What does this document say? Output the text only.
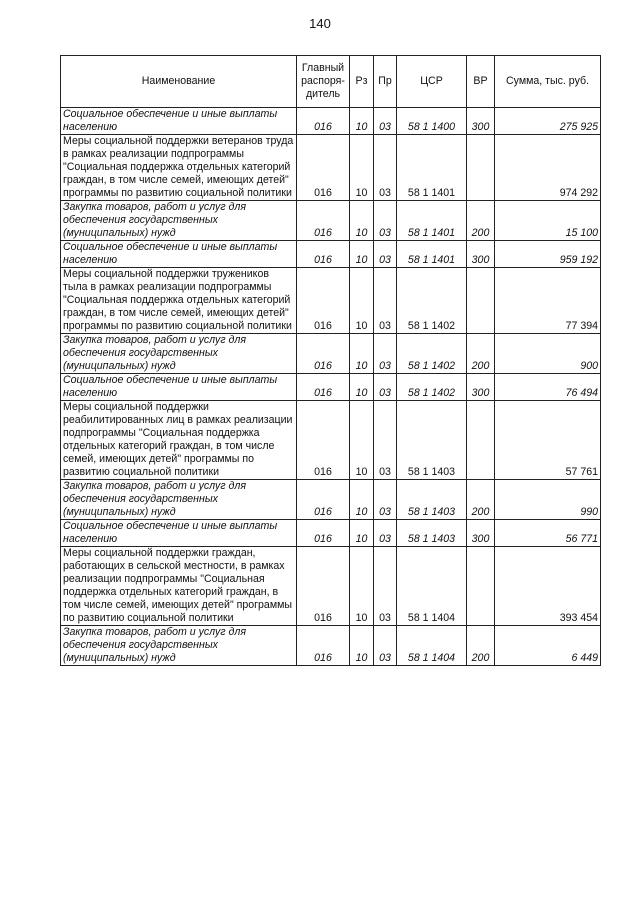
140
Наименование	Главный распоря-дитель	Рз	Пр	ЦСР	ВР	Сумма, тыс. руб.
Социальное обеспечение и иные выплаты населению	016	10	03	58 1 1400	300	275 925
Меры социальной поддержки ветеранов труда в рамках реализации подпрограммы "Социальная поддержка отдельных категорий граждан, в том числе семей, имеющих детей" программы по развитию социальной политики	016	10	03	58 1 1401		974 292
Закупка товаров, работ и услуг для обеспечения государственных (муниципальных) нужд	016	10	03	58 1 1401	200	15 100
Социальное обеспечение и иные выплаты населению	016	10	03	58 1 1401	300	959 192
Меры социальной поддержки тружеников тыла в рамках реализации подпрограммы "Социальная поддержка отдельных категорий граждан, в том числе семей, имеющих детей" программы по развитию социальной политики	016	10	03	58 1 1402		77 394
Закупка товаров, работ и услуг для обеспечения государственных (муниципальных) нужд	016	10	03	58 1 1402	200	900
Социальное обеспечение и иные выплаты населению	016	10	03	58 1 1402	300	76 494
Меры социальной поддержки реабилитированных лиц в рамках реализации подпрограммы "Социальная поддержка отдельных категорий граждан, в том числе семей, имеющих детей" программы по развитию социальной политики	016	10	03	58 1 1403		57 761
Закупка товаров, работ и услуг для обеспечения государственных (муниципальных) нужд	016	10	03	58 1 1403	200	990
Социальное обеспечение и иные выплаты населению	016	10	03	58 1 1403	300	56 771
Меры социальной поддержки граждан, работающих в сельской местности, в рамках реализации подпрограммы "Социальная поддержка отдельных категорий граждан, в том числе семей, имеющих детей" программы по развитию социальной политики	016	10	03	58 1 1404		393 454
Закупка товаров, работ и услуг для обеспечения государственных (муниципальных) нужд	016	10	03	58 1 1404	200	6 449
